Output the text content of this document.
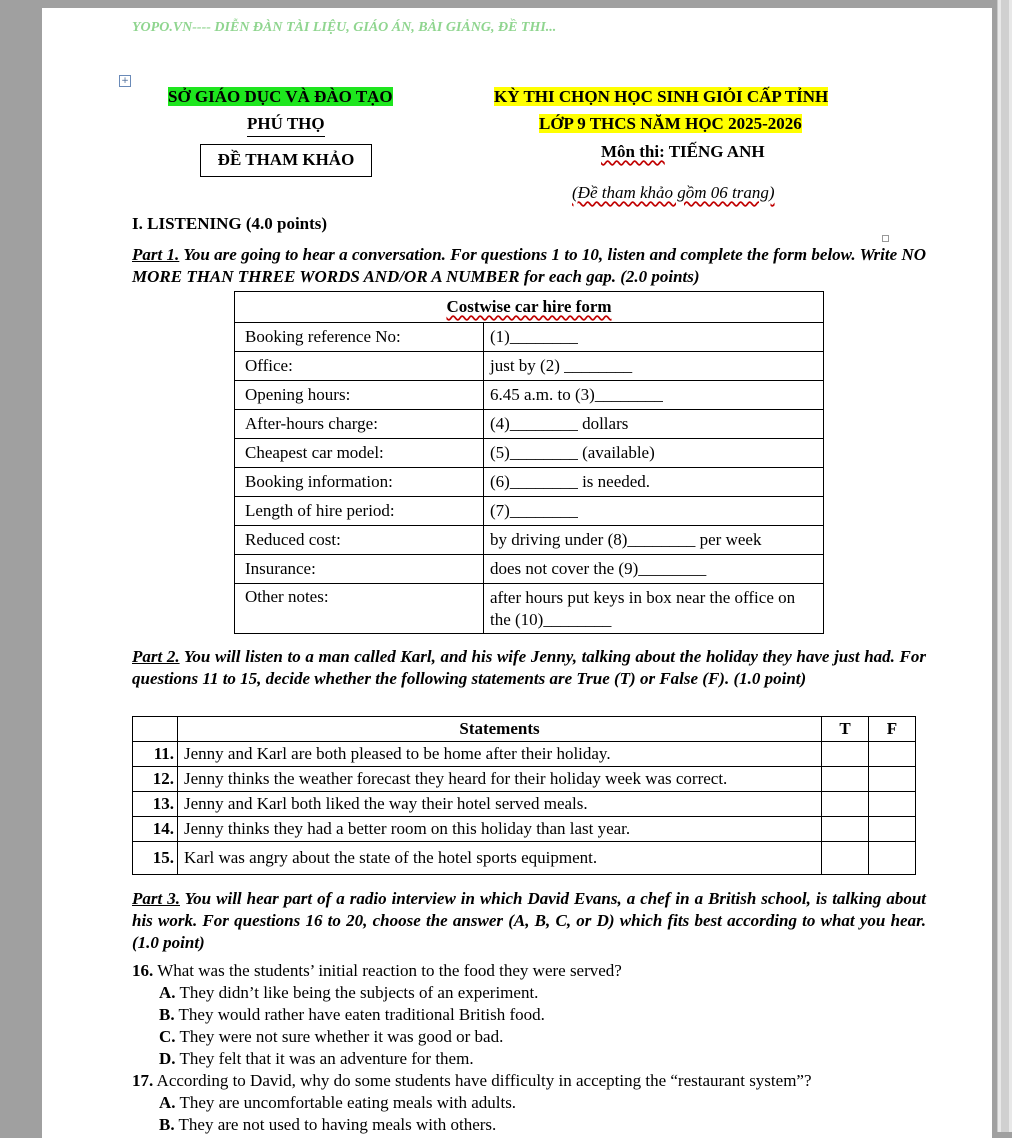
YOPO.VN---- DIỄN ĐÀN TÀI LIỆU, GIÁO ÁN, BÀI GIẢNG, ĐỀ THI...
+
SỞ GIÁO DỤC VÀ ĐÀO TẠO
PHÚ THỌ
ĐỀ THAM KHẢO
KỲ THI CHỌN HỌC SINH GIỎI CẤP TỈNH
LỚP 9 THCS NĂM HỌC 2025-2026
Môn thi: TIẾNG ANH
(Đề tham khảo gồm 06 trang)
I. LISTENING (4.0 points)
Part 1. You are going to hear a conversation. For questions 1 to 10, listen and complete the form below. Write NO MORE THAN THREE WORDS AND/OR A NUMBER for each gap. (2.0 points)
Costwise car hire form	
Booking reference No:	(1)________
Office:	just by (2) ________
Opening hours:	6.45 a.m. to (3)________
After-hours charge:	(4)________ dollars
Cheapest car model:	(5)________ (available)
Booking information:	(6)________ is needed.
Length of hire period:	(7)________
Reduced cost:	by driving under (8)________ per week
Insurance:	does not cover the (9)________
Other notes:	after hours put keys in box near the office on the (10)________
Part 2. You will listen to a man called Karl, and his wife Jenny, talking about the holiday they have just had. For questions 11 to 15, decide whether the following statements are True (T) or False (F). (1.0 point)
	Statements	T	F
11.	Jenny and Karl are both pleased to be home after their holiday.		
12.	Jenny thinks the weather forecast they heard for their holiday week was correct.		
13.	Jenny and Karl both liked the way their hotel served meals.		
14.	Jenny thinks they had a better room on this holiday than last year.		
15.	Karl was angry about the state of the hotel sports equipment.		
Part 3. You will hear part of a radio interview in which David Evans, a chef in a British school, is talking about his work. For questions 16 to 20, choose the answer (A, B, C, or D) which fits best according to what you hear. (1.0 point)
16. What was the students’ initial reaction to the food they were served?
A. They didn’t like being the subjects of an experiment.
B. They would rather have eaten traditional British food.
C. They were not sure whether it was good or bad.
D. They felt that it was an adventure for them.
17. According to David, why do some students have difficulty in accepting the “restaurant system”?
A. They are uncomfortable eating meals with adults.
B. They are not used to having meals with others.
